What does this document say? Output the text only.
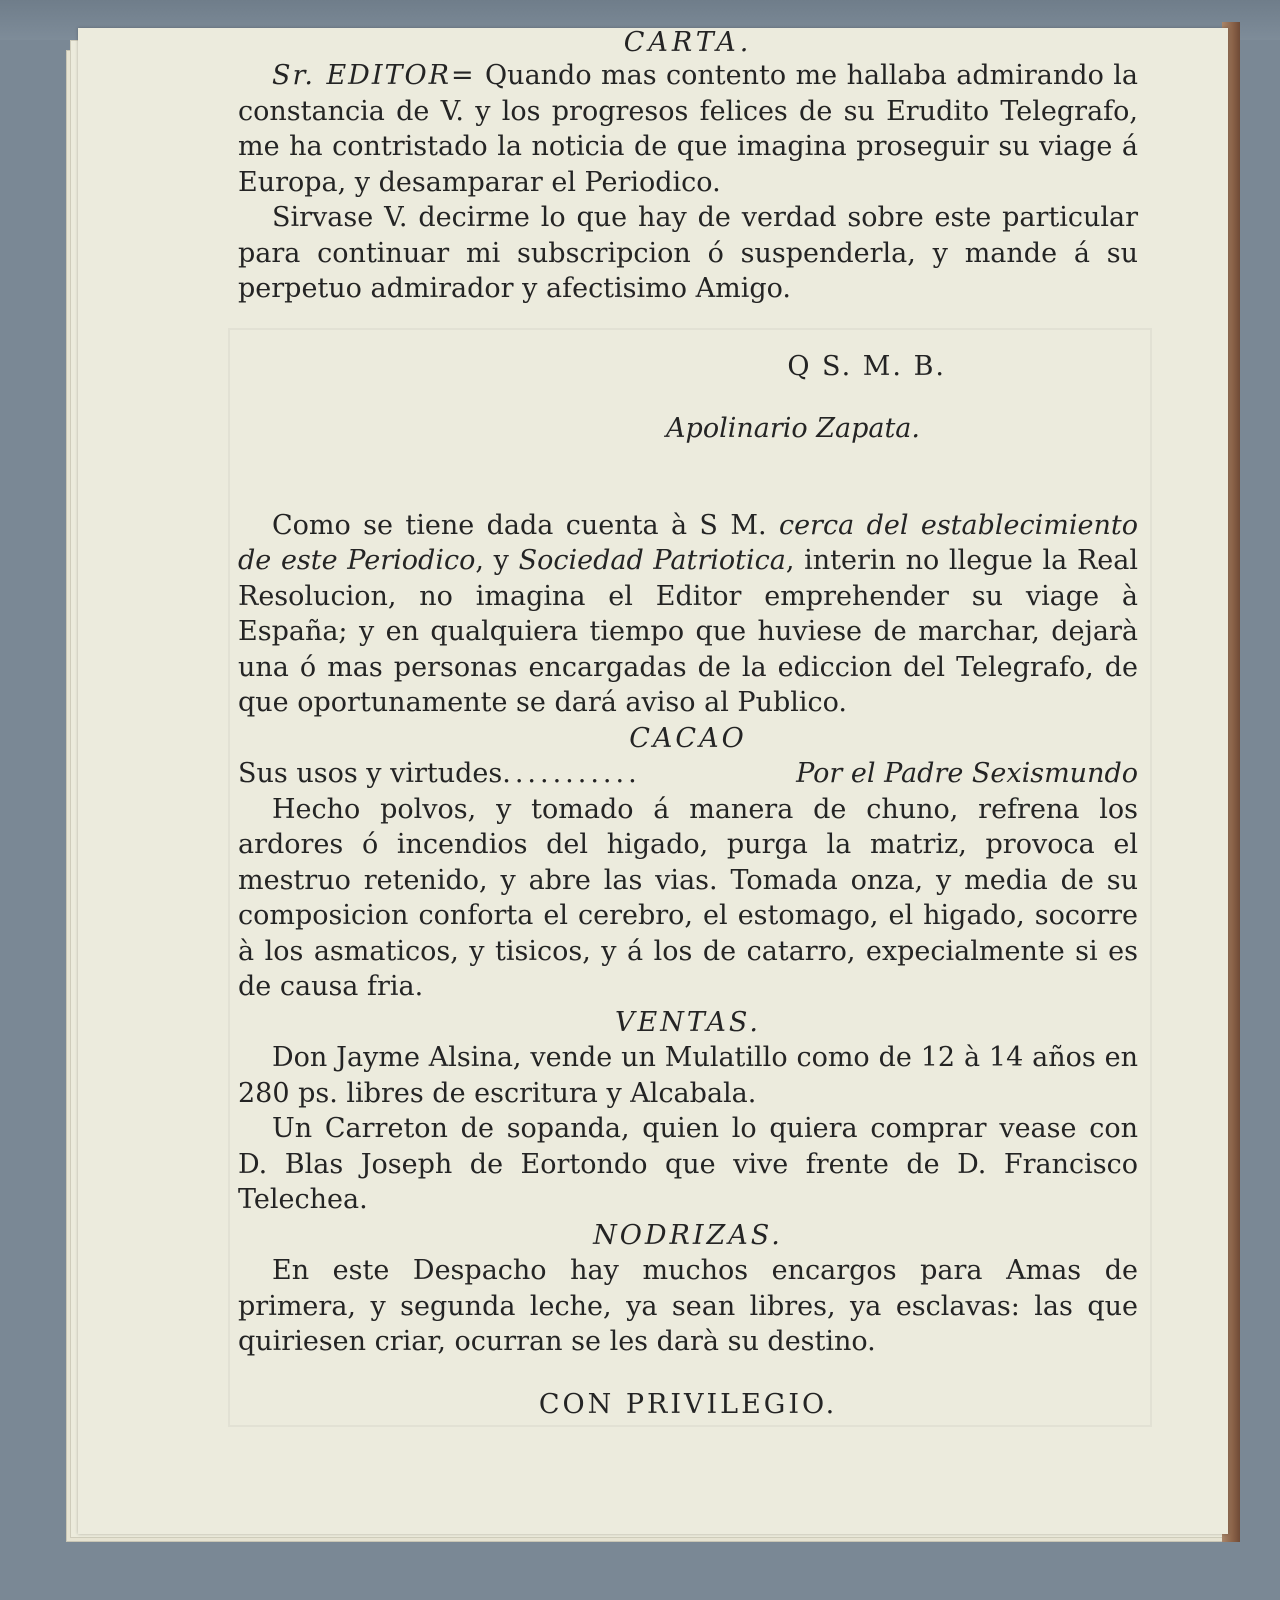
CARTA.

Sr. EDITOR= Quando mas contento me hallaba admirando la constancia de V. y los progresos felices de su Erudito Telegrafo, me ha contristado la noticia de que imagina proseguir su viage á Europa, y desamparar el Periodico.

Sirvase V. decirme lo que hay de verdad sobre este particular para continuar mi subscripcion ó suspenderla, y mande á su perpetuo admirador y afectisimo Amigo.

Q S. M. B.

Apolinario Zapata.

Como se tiene dada cuenta à S M. cerca del establecimiento de este Periodico, y Sociedad Patriotica, interin no llegue la Real Resolucion, no imagina el Editor emprehender su viage à España; y en qualquiera tiempo que huviese de marchar, dejarà una ó mas personas encargadas de la ediccion del Telegrafo, de que oportunamente se dará aviso al Publico.

CACAO

Sus usos y virtudes...........	Por el Padre Sexismundo

Hecho polvos, y tomado á manera de chuno, refrena los ardores ó incendios del higado, purga la matriz, provoca el mestruo retenido, y abre las vias. Tomada onza, y media de su composicion conforta el cerebro, el estomago, el higado, socorre à los asmaticos, y tisicos, y á los de catarro, expecialmente si es de causa fria.

VENTAS.

Don Jayme Alsina, vende un Mulatillo como de 12 à 14 años en 280 ps. libres de escritura y Alcabala.

Un Carreton de sopanda, quien lo quiera comprar vease con D. Blas Joseph de Eortondo que vive frente de D. Francisco Telechea.

NODRIZAS.

En este Despacho hay muchos encargos para Amas de primera, y segunda leche, ya sean libres, ya esclavas: las que quiriesen criar, ocurran se les darà su destino.

CON PRIVILEGIO.
